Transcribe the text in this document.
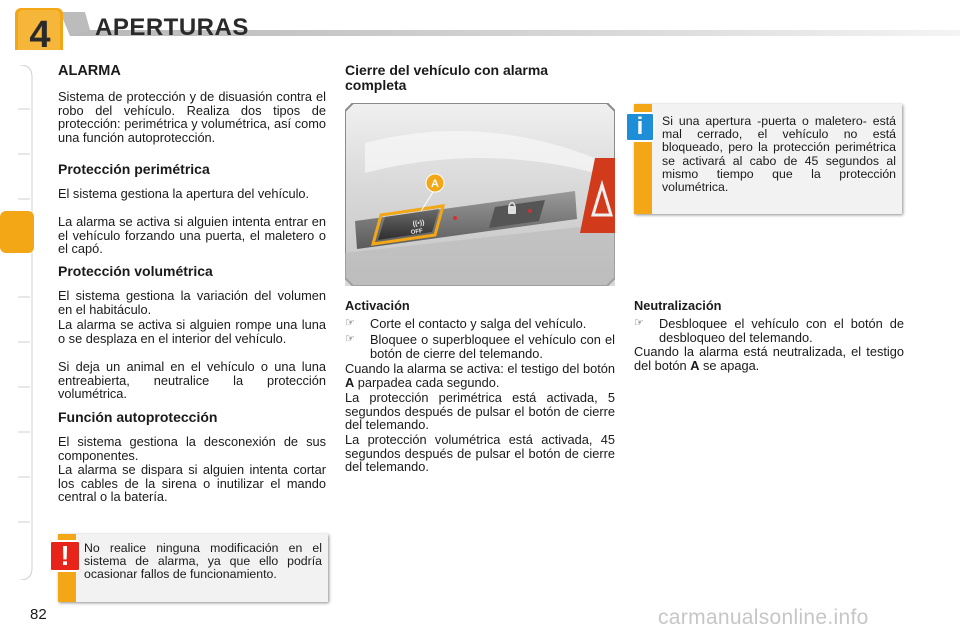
4	APERTURAS
ALARMA

Sistema de protección y de disuasión contra el robo del vehículo. Realiza dos tipos de protección: perimétrica y volumétrica, así como una función autoprotección.

Protección perimétrica

El sistema gestiona la apertura del vehículo.

La alarma se activa si alguien intenta entrar en el vehículo forzando una puerta, el maletero o el capó.

Protección volumétrica

El sistema gestiona la variación del volumen en el habitáculo.

La alarma se activa si alguien rompe una luna o se desplaza en el interior del vehículo.

Si deja un animal en el vehículo o una luna entreabierta, neutralice la protección volumétrica.

Función autoprotección

El sistema gestiona la desconexión de sus componentes.

La alarma se dispara si alguien intenta cortar los cables de la sirena o inutilizar el mando central o la batería.

No realice ninguna modificación en el sistema de alarma, ya que ello podría ocasionar fallos de funcionamiento.
!
Cierre del vehículo con alarma
completa
((•))
OFF
A
Activación
☞	Corte el contacto y salga del vehículo.
☞	Bloquee o superbloquee el vehículo con el botón de cierre del telemando.

Cuando la alarma se activa: el testigo del botón A parpadea cada segundo.

La protección perimétrica está activada, 5 segundos después de pulsar el botón de cierre del telemando.

La protección volumétrica está activada, 45 segundos después de pulsar el botón de cierre del telemando.

Si una apertura -puerta o maletero- está mal cerrado, el vehículo no está bloqueado, pero la protección perimétrica se activará al cabo de 45 segundos al mismo tiempo que la protección volumétrica.
i
Neutralización
☞	Desbloquee el vehículo con el botón de desbloqueo del telemando.

Cuando la alarma está neutralizada, el testigo del botón A se apaga.

82	carmanualsonline.info
